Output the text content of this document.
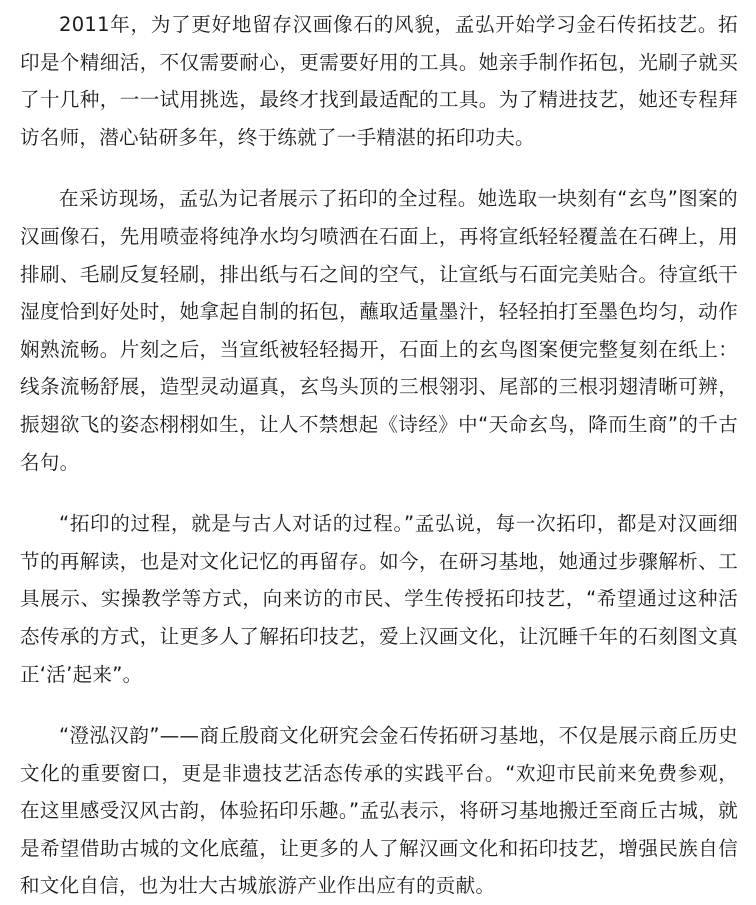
2011年，为了更好地留存汉画像石的风貌，孟弘开始学习金石传拓技艺。拓印是个精细活，不仅需要耐心，更需要好用的工具。她亲手制作拓包，光刷子就买了十几种，一一试用挑选，最终才找到最适配的工具。为了精进技艺，她还专程拜访名师，潜心钻研多年，终于练就了一手精湛的拓印功夫。

在采访现场，孟弘为记者展示了拓印的全过程。她选取一块刻有“玄鸟”图案的汉画像石，先用喷壶将纯净水均匀喷洒在石面上，再将宣纸轻轻覆盖在石碑上，用排刷、毛刷反复轻刷，排出纸与石之间的空气，让宣纸与石面完美贴合。待宣纸干湿度恰到好处时，她拿起自制的拓包，蘸取适量墨汁，轻轻拍打至墨色均匀，动作娴熟流畅。片刻之后，当宣纸被轻轻揭开，石面上的玄鸟图案便完整复刻在纸上：线条流畅舒展，造型灵动逼真，玄鸟头顶的三根翎羽、尾部的三根羽翅清晰可辨，振翅欲飞的姿态栩栩如生，让人不禁想起《诗经》中“天命玄鸟，降而生商”的千古名句。

“拓印的过程，就是与古人对话的过程。”孟弘说，每一次拓印，都是对汉画细节的再解读，也是对文化记忆的再留存。如今，在研习基地，她通过步骤解析、工具展示、实操教学等方式，向来访的市民、学生传授拓印技艺，“希望通过这种活态传承的方式，让更多人了解拓印技艺，爱上汉画文化，让沉睡千年的石刻图文真正‘活’起来”。

“澄泓汉韵”——商丘殷商文化研究会金石传拓研习基地，不仅是展示商丘历史文化的重要窗口，更是非遗技艺活态传承的实践平台。“欢迎市民前来免费参观，在这里感受汉风古韵，体验拓印乐趣。”孟弘表示，将研习基地搬迁至商丘古城，就是希望借助古城的文化底蕴，让更多的人了解汉画文化和拓印技艺，增强民族自信和文化自信，也为壮大古城旅游产业作出应有的贡献。
